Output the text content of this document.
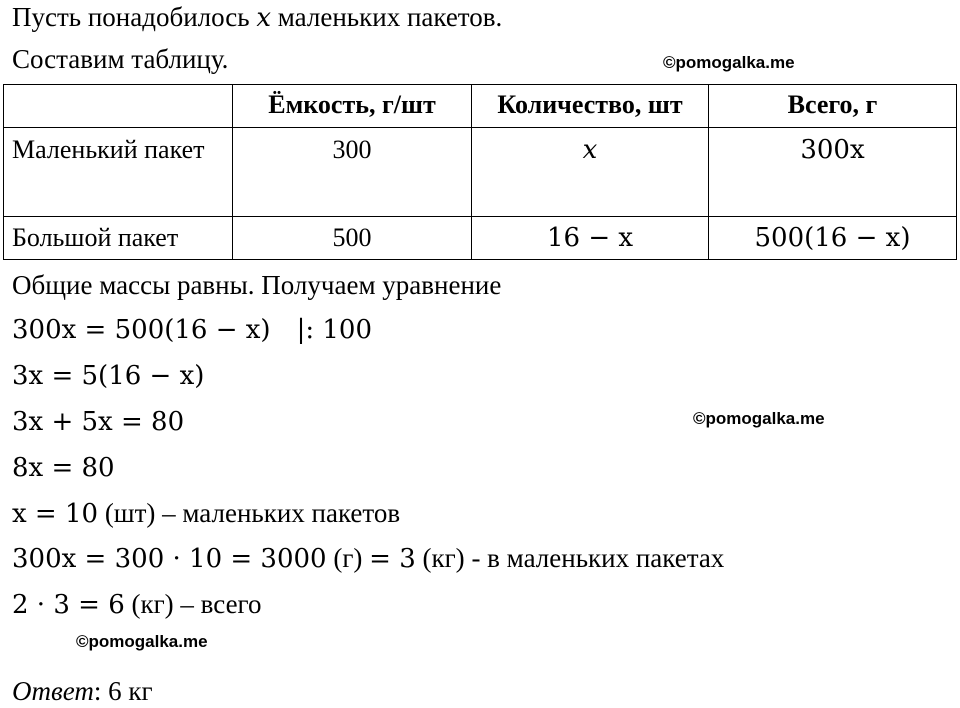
Пусть понадобилось x маленьких пакетов.
Составим таблицу.	©pomogalka.me
	Ёмкость, г/шт	Количество, шт	Всего, г
Маленький пакет	300	x	300x
Большой пакет	500	16 − x	500(16 − x)
Общие массы равны. Получаем уравнение
300x = 500(16 − x) |: 100
3x = 5(16 − x)
3x + 5x = 80	©pomogalka.me
8x = 80
x = 10 (шт) – маленьких пакетов
300x = 300 · 10 = 3000 (г) = 3 (кг) - в маленьких пакетах
2 · 3 = 6 (кг) – всего
©pomogalka.me
Ответ: 6 кг
